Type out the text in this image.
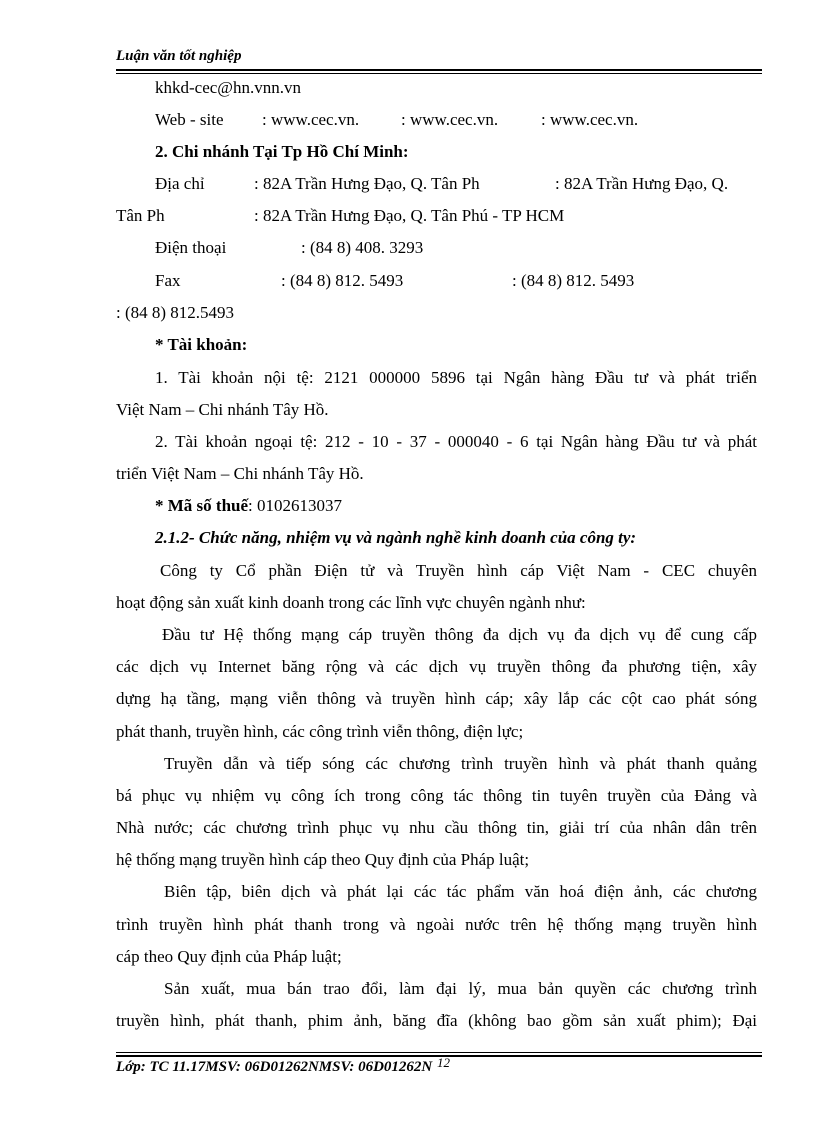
Luận văn tốt nghiệp
khkd-cec@hn.vnn.vn
Web - site : www.cec.vn. : www.cec.vn.	: www.cec.vn.
2. Chi nhánh Tại Tp Hồ Chí Minh:
Địa chỉ	: 82A Trần Hưng Đạo, Q. Tân Ph	: 82A Trần Hưng Đạo, Q.
Tân Ph	: 82A Trần Hưng Đạo, Q. Tân Phú - TP HCM
Điện thoại	: (84 8) 408. 3293
Fax	: (84 8) 812. 5493	: (84 8) 812. 5493
: (84 8) 812.5493
* Tài khoản:
1. Tài khoản nội tệ: 2121 000000 5896 tại Ngân hàng Đầu tư và phát triển
Việt Nam – Chi nhánh Tây Hồ.
2. Tài khoản ngoại tệ: 212 - 10 - 37 - 000040 - 6 tại Ngân hàng Đầu tư và phát
triển Việt Nam – Chi nhánh Tây Hồ.
* Mã số thuế: 0102613037
2.1.2- Chức năng, nhiệm vụ và ngành nghề kinh doanh của công ty:
Công ty Cổ phần Điện tử và Truyền hình cáp Việt Nam - CEC chuyên
hoạt động sản xuất kinh doanh trong các lĩnh vực chuyên ngành như:
Đầu tư Hệ thống mạng cáp truyền thông đa dịch vụ đa dịch vụ để cung cấp
các dịch vụ Internet băng rộng và các dịch vụ truyền thông đa phương tiện, xây
dựng hạ tầng, mạng viễn thông và truyền hình cáp; xây lắp các cột cao phát sóng
phát thanh, truyền hình, các công trình viễn thông, điện lực;
Truyền dẫn và tiếp sóng các chương trình truyền hình và phát thanh quảng
bá phục vụ nhiệm vụ công ích trong công tác thông tin tuyên truyền của Đảng và
Nhà nước; các chương trình phục vụ nhu cầu thông tin, giải trí của nhân dân trên
hệ thống mạng truyền hình cáp theo Quy định của Pháp luật;
Biên tập, biên dịch và phát lại các tác phẩm văn hoá điện ảnh, các chương
trình truyền hình phát thanh trong và ngoài nước trên hệ thống mạng truyền hình
cáp theo Quy định của Pháp luật;
Sản xuất, mua bán trao đổi, làm đại lý, mua bản quyền các chương trình
truyền hình, phát thanh, phim ảnh, băng đĩa (không bao gồm sản xuất phim); Đại
Lớp: TC 11.17MSV: 06D01262NMSV: 06D01262N 12
